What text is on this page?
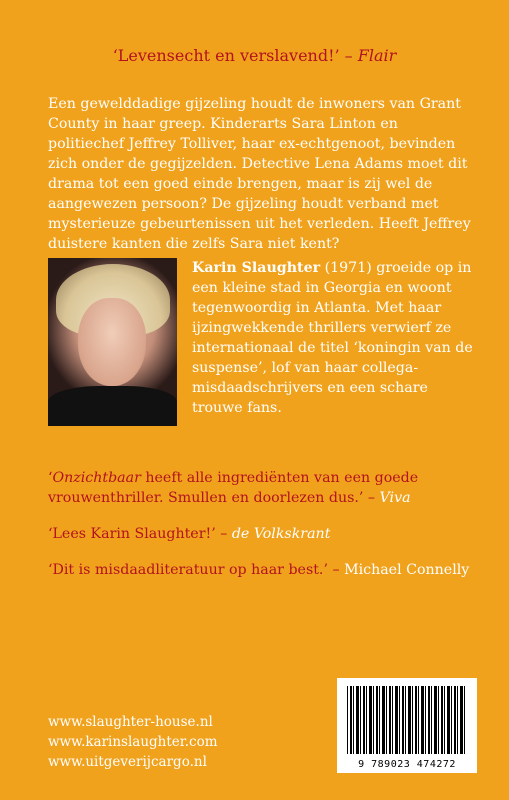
‘Levensecht en verslavend!’ – Flair
Een gewelddadige gijzeling houdt de inwoners van Grant County in haar greep. Kinderarts Sara Linton en politiechef Jeffrey Tolliver, haar ex-echtgenoot, bevinden zich onder de gegijzelden. Detective Lena Adams moet dit drama tot een goed einde brengen, maar is zij wel de aangewezen persoon? De gijzeling houdt verband met mysterieuze gebeurtenissen uit het verleden. Heeft Jeffrey duistere kanten die zelfs Sara niet kent?
Karin Slaughter (1971) groeide op in een kleine stad in Georgia en woont tegenwoordig in Atlanta. Met haar ijzingwekkende thrillers verwierf ze internationaal de titel ‘koningin van de suspense’, lof van haar collega-misdaadschrijvers en een schare trouwe fans.
‘Onzichtbaar heeft alle ingrediënten van een goede vrouwenthriller. Smullen en doorlezen dus.’ – Viva
‘Lees Karin Slaughter!’ – de Volkskrant
‘Dit is misdaadliteratuur op haar best.’ – Michael Connelly
www.slaughter-house.nl
www.karinslaughter.com
www.uitgeverijcargo.nl	9 789023 474272
